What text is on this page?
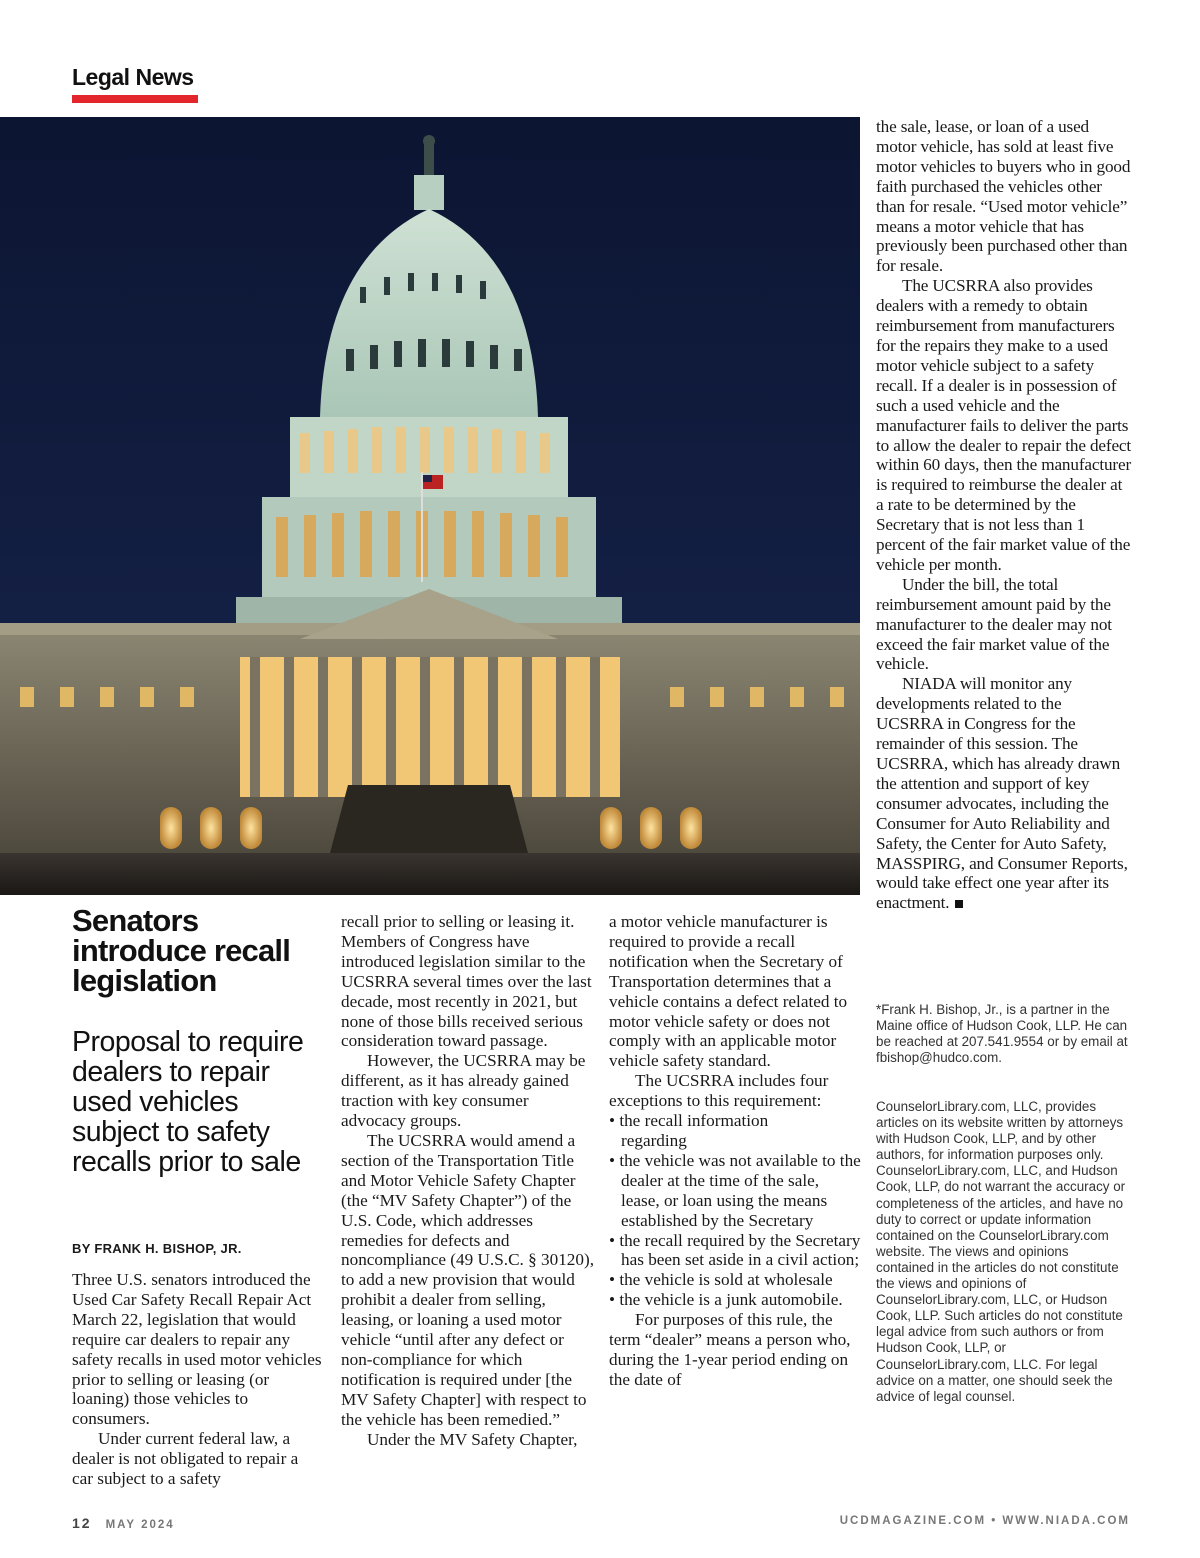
Legal News
Senators introduce recall legislation
Proposal to require dealers to repair used vehicles subject to safety recalls prior to sale
BY FRANK H. BISHOP, JR.

Three U.S. senators introduced the Used Car Safety Recall Repair Act March 22, legislation that would require car dealers to repair any safety recalls in used motor vehicles prior to selling or leasing (or loaning) those vehicles to consumers.

Under current federal law, a dealer is not obligated to repair a car subject to a safety

recall prior to selling or leasing it. Members of Congress have introduced legislation similar to the UCSRRA several times over the last decade, most recently in 2021, but none of those bills received serious consideration toward passage.

However, the UCSRRA may be different, as it has already gained traction with key consumer advocacy groups.

The UCSRRA would amend a section of the Transportation Title and Motor Vehicle Safety Chapter (the “MV Safety Chapter”) of the U.S. Code, which addresses remedies for defects and noncompliance (49 U.S.C. § 30120), to add a new provision that would prohibit a dealer from selling, leasing, or loaning a used motor vehicle “until after any defect or non-compliance for which notification is required under [the MV Safety Chapter] with respect to the vehicle has been remedied.”

Under the MV Safety Chapter,

a motor vehicle manufacturer is required to provide a recall notification when the Secretary of Transportation determines that a vehicle contains a defect related to motor vehicle safety or does not comply with an applicable motor vehicle safety standard.

The UCSRRA includes four exceptions to this requirement:

• the recall information
regarding

• the vehicle was not available to the dealer at the time of the sale,

lease, or loan using the means established by the Secretary

• the recall required by the Secretary has been set aside in a civil action;

• the vehicle is sold at wholesale

• the vehicle is a junk automobile.

For purposes of this rule, the term “dealer” means a person who, during the 1-year period ending on the date of

the sale, lease, or loan of a used motor vehicle, has sold at least five motor vehicles to buyers who in good faith purchased the vehicles other than for resale. “Used motor vehicle” means a motor vehicle that has previously been purchased other than for resale.

The UCSRRA also provides dealers with a remedy to obtain reimbursement from manufacturers for the repairs they make to a used motor vehicle subject to a safety recall. If a dealer is in possession of such a used vehicle and the manufacturer fails to deliver the parts to allow the dealer to repair the defect within 60 days, then the manufacturer is required to reimburse the dealer at a rate to be determined by the Secretary that is not less than 1 percent of the fair market value of the vehicle per month.

Under the bill, the total reimbursement amount paid by the manufacturer to the dealer may not exceed the fair market value of the vehicle.

NIADA will monitor any developments related to the UCSRRA in Congress for the remainder of this session. The UCSRRA, which has already drawn the attention and support of key consumer advocates, including the Consumer for Auto Reliability and Safety, the Center for Auto Safety, MASSPIRG, and Consumer Reports, would take effect one year after its enactment.

*Frank H. Bishop, Jr., is a partner in the Maine office of Hudson Cook, LLP. He can be reached at 207.541.9554 or by email at fbishop@hudco.com.
CounselorLibrary.com, LLC, provides articles on its website written by attorneys with Hudson Cook, LLP, and by other authors, for information purposes only. CounselorLibrary.com, LLC, and Hudson Cook, LLP, do not warrant the accuracy or completeness of the articles, and have no duty to correct or update information contained on the CounselorLibrary.com website. The views and opinions contained in the articles do not constitute the views and opinions of CounselorLibrary.com, LLC, or Hudson Cook, LLP. Such articles do not constitute legal advice from such authors or from Hudson Cook, LLP, or CounselorLibrary.com, LLC. For legal advice on a matter, one should seek the advice of legal counsel.
12 MAY 2024	UCDMAGAZINE.COM • WWW.NIADA.COM
